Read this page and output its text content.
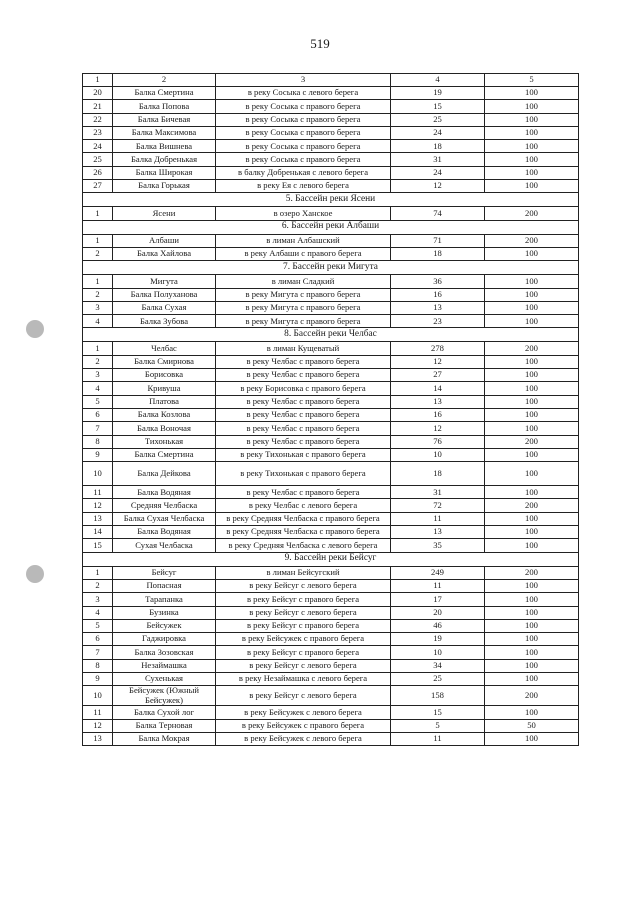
519
1	2	3	4	5
20	Балка Смертина	в реку Сосыка с левого берега	19	100
21	Балка Попова	в реку Сосыка с правого берега	15	100
22	Балка Бичевая	в реку Сосыка с правого берега	25	100
23	Балка Максимова	в реку Сосыка с правого берега	24	100
24	Балка Вишнева	в реку Сосыка с правого берега	18	100
25	Балка Добренькая	в реку Сосыка с правого берега	31	100
26	Балка Широкая	в балку Добренькая с левого берега	24	100
27	Балка Горькая	в реку Ея с левого берега	12	100
5. Бассейн реки Ясени				
1	Ясени	в озеро Ханское	74	200
6. Бассейн реки Албаши				
1	Албаши	в лиман Албашский	71	200
2	Балка Хайлова	в реку Албаши с правого берега	18	100
7. Бассейн реки Мигута				
1	Мигута	в лиман Сладкий	36	100
2	Балка Полуханова	в реку Мигута с правого берега	16	100
3	Балка Сухая	в реку Мигута с правого берега	13	100
4	Балка Зубова	в реку Мигута с правого берега	23	100
8. Бассейн реки Челбас				
1	Челбас	в лиман Кущеватый	278	200
2	Балка Смирнова	в реку Челбас с правого берега	12	100
3	Борисовка	в реку Челбас с правого берега	27	100
4	Кривуша	в реку Борисовка с правого берега	14	100
5	Платова	в реку Челбас с правого берега	13	100
6	Балка Козлова	в реку Челбас с правого берега	16	100
7	Балка Воночая	в реку Челбас с правого берега	12	100
8	Тихонькая	в реку Челбас с правого берега	76	200
9	Балка Смертина	в реку Тихонькая с правого берега	10	100
10	Балка Дейкова	в реку Тихонькая с правого берега	18	100
11	Балка Водяная	в реку Челбас с правого берега	31	100
12	Средняя Челбаска	в реку Челбас с левого берега	72	200
13	Балка Сухая Челбаска	в реку Средняя Челбаска с правого берега	11	100
14	Балка Водяная	в реку Средняя Челбаска с правого берега	13	100
15	Сухая Челбаска	в реку Средняя Челбаска с левого берега	35	100
9. Бассейн реки Бейсуг				
1	Бейсуг	в лиман Бейсугский	249	200
2	Попасная	в реку Бейсуг с левого берега	11	100
3	Тарапанка	в реку Бейсуг с правого берега	17	100
4	Бузинка	в реку Бейсуг с левого берега	20	100
5	Бейсужек	в реку Бейсуг с правого берега	46	100
6	Гаджировка	в реку Бейсужек с правого берега	19	100
7	Балка Зозовская	в реку Бейсуг с правого берега	10	100
8	Незаймашка	в реку Бейсуг с левого берега	34	100
9	Сухенькая	в реку Незаймашка с левого берега	25	100
10	Бейсужек (Южный Бейсужек)	в реку Бейсуг с левого берега	158	200
11	Балка Сухой лог	в реку Бейсужек с левого берега	15	100
12	Балка Терновая	в реку Бейсужек с правого берега	5	50
13	Балка Мокрая	в реку Бейсужек с левого берега	11	100
